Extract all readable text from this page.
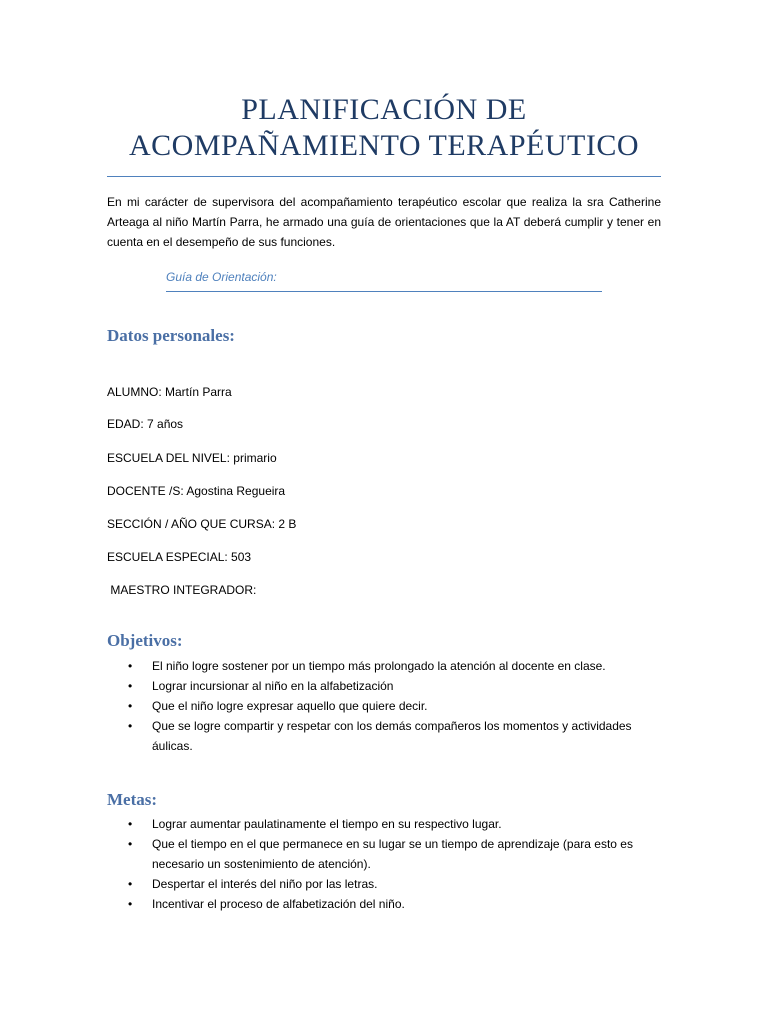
PLANIFICACIÓN DE
ACOMPAÑAMIENTO TERAPÉUTICO
En mi carácter de supervisora del acompañamiento terapéutico escolar que realiza la sra Catherine Arteaga al niño Martín Parra, he armado una guía de orientaciones que la AT deberá cumplir y tener en cuenta en el desempeño de sus funciones.
Guía de Orientación:
Datos personales:
ALUMNO: Martín Parra
EDAD: 7 años
ESCUELA DEL NIVEL: primario
DOCENTE /S: Agostina Regueira
SECCIÓN / AÑO QUE CURSA: 2 B
ESCUELA ESPECIAL: 503
MAESTRO INTEGRADOR:
Objetivos:
• El niño logre sostener por un tiempo más prolongado la atención al docente en clase.
• Lograr incursionar al niño en la alfabetización
• Que el niño logre expresar aquello que quiere decir.
• Que se logre compartir y respetar con los demás compañeros los momentos y actividades áulicas.
Metas:
• Lograr aumentar paulatinamente el tiempo en su respectivo lugar.
• Que el tiempo en el que permanece en su lugar se un tiempo de aprendizaje (para esto es necesario un sostenimiento de atención).
• Despertar el interés del niño por las letras.
• Incentivar el proceso de alfabetización del niño.
